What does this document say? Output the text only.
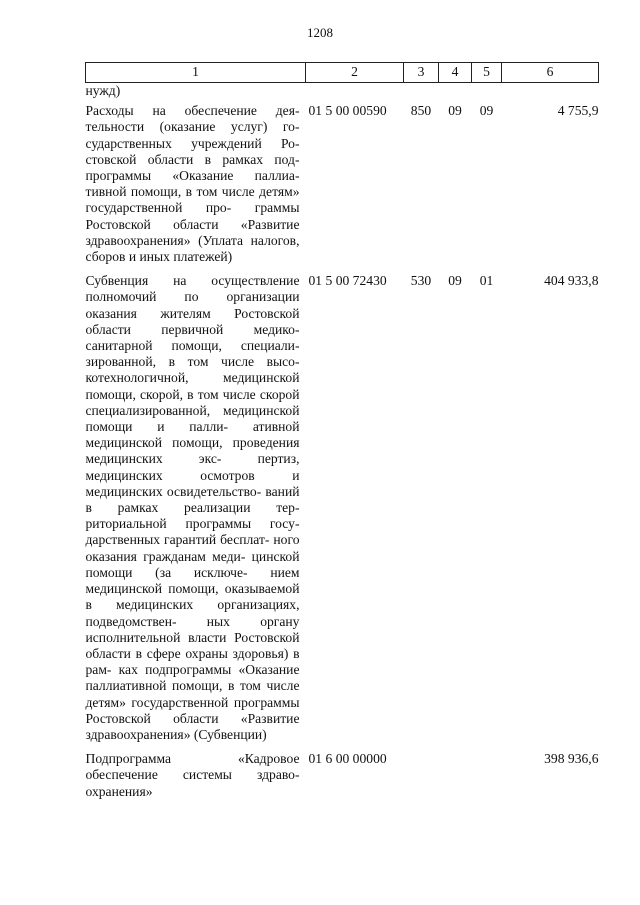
1208
1	2	3	4	5	6
нужд)					
Расходы на обеспечение дея- тельности (оказание услуг) го- сударственных учреждений Ро- стовской области в рамках под- программы «Оказание паллиа- тивной помощи, в том числе детям» государственной про- граммы Ростовской области «Развитие здравоохранения» (Уплата налогов, сборов и иных платежей)	01 5 00 00590	850	09	09	4 755,9
Субвенция на осуществление полномочий по организации оказания жителям Ростовской области первичной медико- санитарной помощи, специали- зированной, в том числе высо- котехнологичной, медицинской помощи, скорой, в том числе скорой специализированной, медицинской помощи и палли- ативной медицинской помощи, проведения медицинских экс- пертиз, медицинских осмотров и медицинских освидетельство- ваний в рамках реализации тер- риториальной программы госу- дарственных гарантий бесплат- ного оказания гражданам меди- цинской помощи (за исключе- нием медицинской помощи, оказываемой в медицинских организациях, подведомствен- ных органу исполнительной власти Ростовской области в сфере охраны здоровья) в рам- ках подпрограммы «Оказание паллиативной помощи, в том числе детям» государственной программы Ростовской области «Развитие здравоохранения» (Субвенции)	01 5 00 72430	530	09	01	404 933,8
Подпрограмма «Кадровое обеспечение системы здраво- охранения»	01 6 00 00000				398 936,6
